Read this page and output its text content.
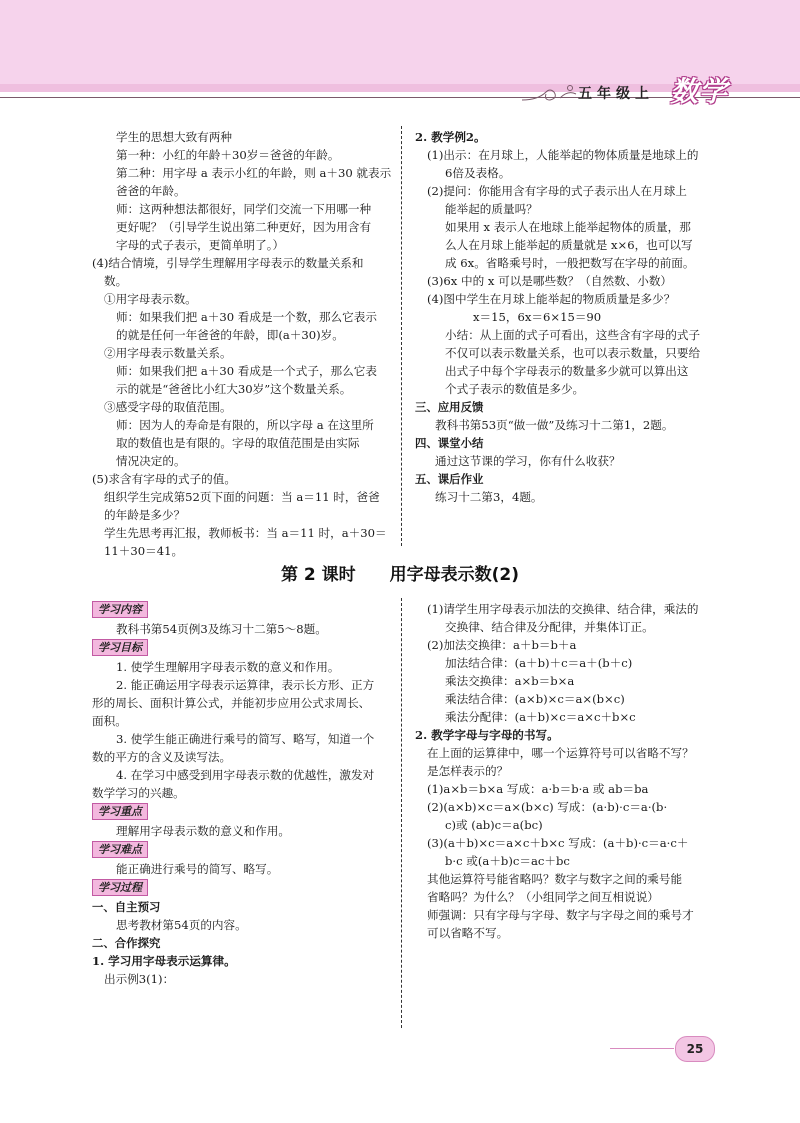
五年级上 数学

学生的思想大致有两种

第一种：小红的年龄＋30岁＝爸爸的年龄。

第二种：用字母 a 表示小红的年龄，则 a＋30 就表示

爸爸的年龄。

师：这两种想法都很好，同学们交流一下用哪一种

更好呢？（引导学生说出第二种更好，因为用含有

字母的式子表示，更简单明了。）

(4)结合情境，引导学生理解用字母表示的数量关系和

数。

①用字母表示数。

师：如果我们把 a＋30 看成是一个数，那么它表示

的就是任何一年爸爸的年龄，即(a＋30)岁。

②用字母表示数量关系。

师：如果我们把 a＋30 看成是一个式子，那么它表

示的就是“爸爸比小红大30岁”这个数量关系。

③感受字母的取值范围。

师：因为人的寿命是有限的，所以字母 a 在这里所

取的数值也是有限的。字母的取值范围是由实际

情况决定的。

(5)求含有字母的式子的值。

组织学生完成第52页下面的问题：当 a＝11 时，爸爸

的年龄是多少？

学生先思考再汇报，教师板书：当 a＝11 时，a＋30＝

11＋30＝41。

2. 教学例2。

(1)出示：在月球上，人能举起的物体质量是地球上的

6倍及表格。

(2)提问：你能用含有字母的式子表示出人在月球上

能举起的质量吗？

如果用 x 表示人在地球上能举起物体的质量，那

么人在月球上能举起的质量就是 x×6，也可以写

成 6x。省略乘号时，一般把数写在字母的前面。

(3)6x 中的 x 可以是哪些数？（自然数、小数）

(4)图中学生在月球上能举起的物质质量是多少？

x＝15，6x＝6×15＝90

小结：从上面的式子可看出，这些含有字母的式子

不仅可以表示数量关系，也可以表示数量，只要给

出式子中每个字母表示的数量多少就可以算出这

个式子表示的数值是多少。

三、应用反馈

教科书第53页“做一做”及练习十二第1，2题。

四、课堂小结

通过这节课的学习，你有什么收获？

五、课后作业

练习十二第3，4题。

第 2 课时　　用字母表示数(2)
学习内容

教科书第54页例3及练习十二第5～8题。

学习目标

1. 使学生理解用字母表示数的意义和作用。

2. 能正确运用字母表示运算律，表示长方形、正方

形的周长、面积计算公式，并能初步应用公式求周长、

面积。

3. 使学生能正确进行乘号的简写、略写，知道一个

数的平方的含义及读写法。

4. 在学习中感受到用字母表示数的优越性，激发对

数学学习的兴趣。

学习重点

理解用字母表示数的意义和作用。

学习难点

能正确进行乘号的简写、略写。

学习过程

一、自主预习

思考教材第54页的内容。

二、合作探究

1. 学习用字母表示运算律。

出示例3(1)：

(1)请学生用字母表示加法的交换律、结合律，乘法的

交换律、结合律及分配律，并集体订正。

(2)加法交换律：a＋b＝b＋a

加法结合律：(a＋b)＋c＝a＋(b＋c)

乘法交换律：a×b＝b×a

乘法结合律：(a×b)×c＝a×(b×c)

乘法分配律：(a＋b)×c＝a×c＋b×c

2. 教学字母与字母的书写。

在上面的运算律中，哪一个运算符号可以省略不写？

是怎样表示的？

(1)a×b＝b×a 写成：a·b＝b·a 或 ab＝ba

(2)(a×b)×c＝a×(b×c) 写成：(a·b)·c＝a·(b·

c)或 (ab)c＝a(bc)

(3)(a＋b)×c＝a×c＋b×c 写成：(a＋b)·c＝a·c＋

b·c 或(a＋b)c＝ac＋bc

其他运算符号能省略吗？数字与数字之间的乘号能

省略吗？为什么？（小组同学之间互相说说）

师强调：只有字母与字母、数字与字母之间的乘号才

可以省略不写。

25
